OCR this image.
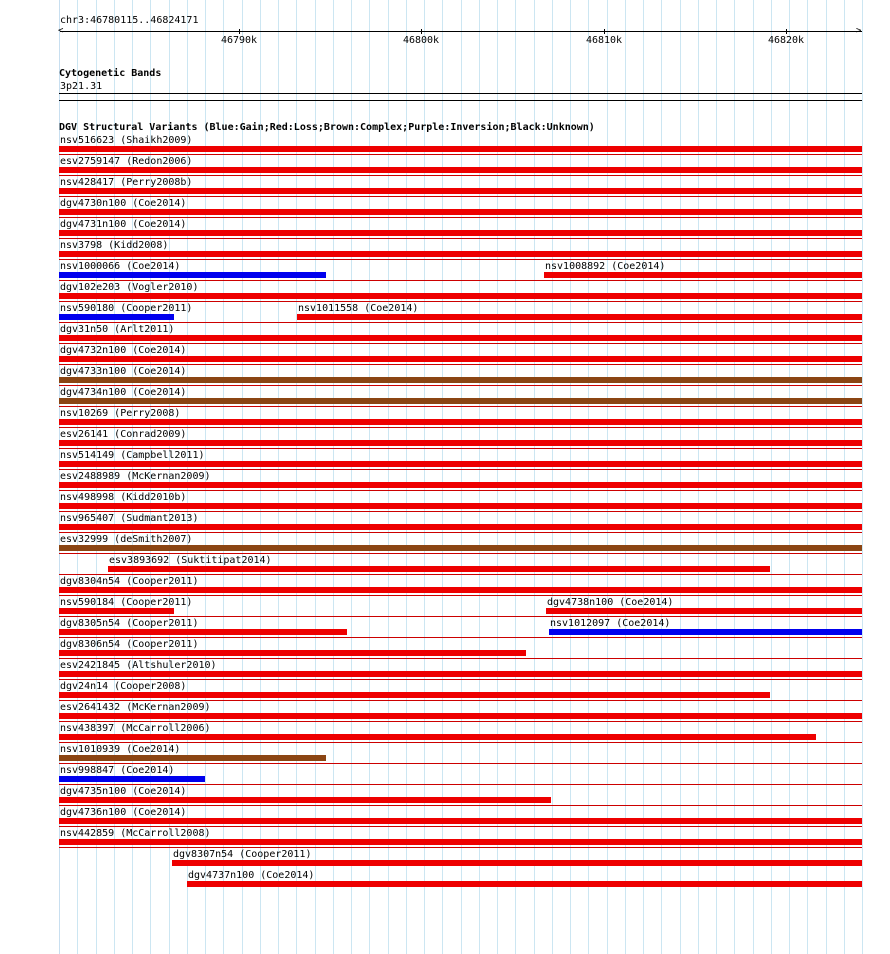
chr3:46780115..46824171
<	>
46790k	46800k	46810k	46820k
Cytogenetic Bands
3p21.31
DGV Structural Variants (Blue:Gain;Red:Loss;Brown:Complex;Purple:Inversion;Black:Unknown)
nsv516623 (Shaikh2009)
esv2759147 (Redon2006)
nsv428417 (Perry2008b)
dgv4730n100 (Coe2014)
dgv4731n100 (Coe2014)
nsv3798 (Kidd2008)
nsv1000066 (Coe2014)	nsv1008892 (Coe2014)
dgv102e203 (Vogler2010)
nsv590180 (Cooper2011)	nsv1011558 (Coe2014)
dgv31n50 (Arlt2011)
dgv4732n100 (Coe2014)
dgv4733n100 (Coe2014)
dgv4734n100 (Coe2014)
nsv10269 (Perry2008)
esv26141 (Conrad2009)
nsv514149 (Campbell2011)
esv2488989 (McKernan2009)
nsv498998 (Kidd2010b)
nsv965407 (Sudmant2013)
esv32999 (deSmith2007)
esv3893692 (Suktitipat2014)
dgv8304n54 (Cooper2011)
nsv590184 (Cooper2011)	dgv4738n100 (Coe2014)
dgv8305n54 (Cooper2011)	nsv1012097 (Coe2014)
dgv8306n54 (Cooper2011)
esv2421845 (Altshuler2010)
dgv24n14 (Cooper2008)
esv2641432 (McKernan2009)
nsv438397 (McCarroll2006)
nsv1010939 (Coe2014)
nsv998847 (Coe2014)
dgv4735n100 (Coe2014)
dgv4736n100 (Coe2014)
nsv442859 (McCarroll2008)
dgv8307n54 (Cooper2011)
dgv4737n100 (Coe2014)
